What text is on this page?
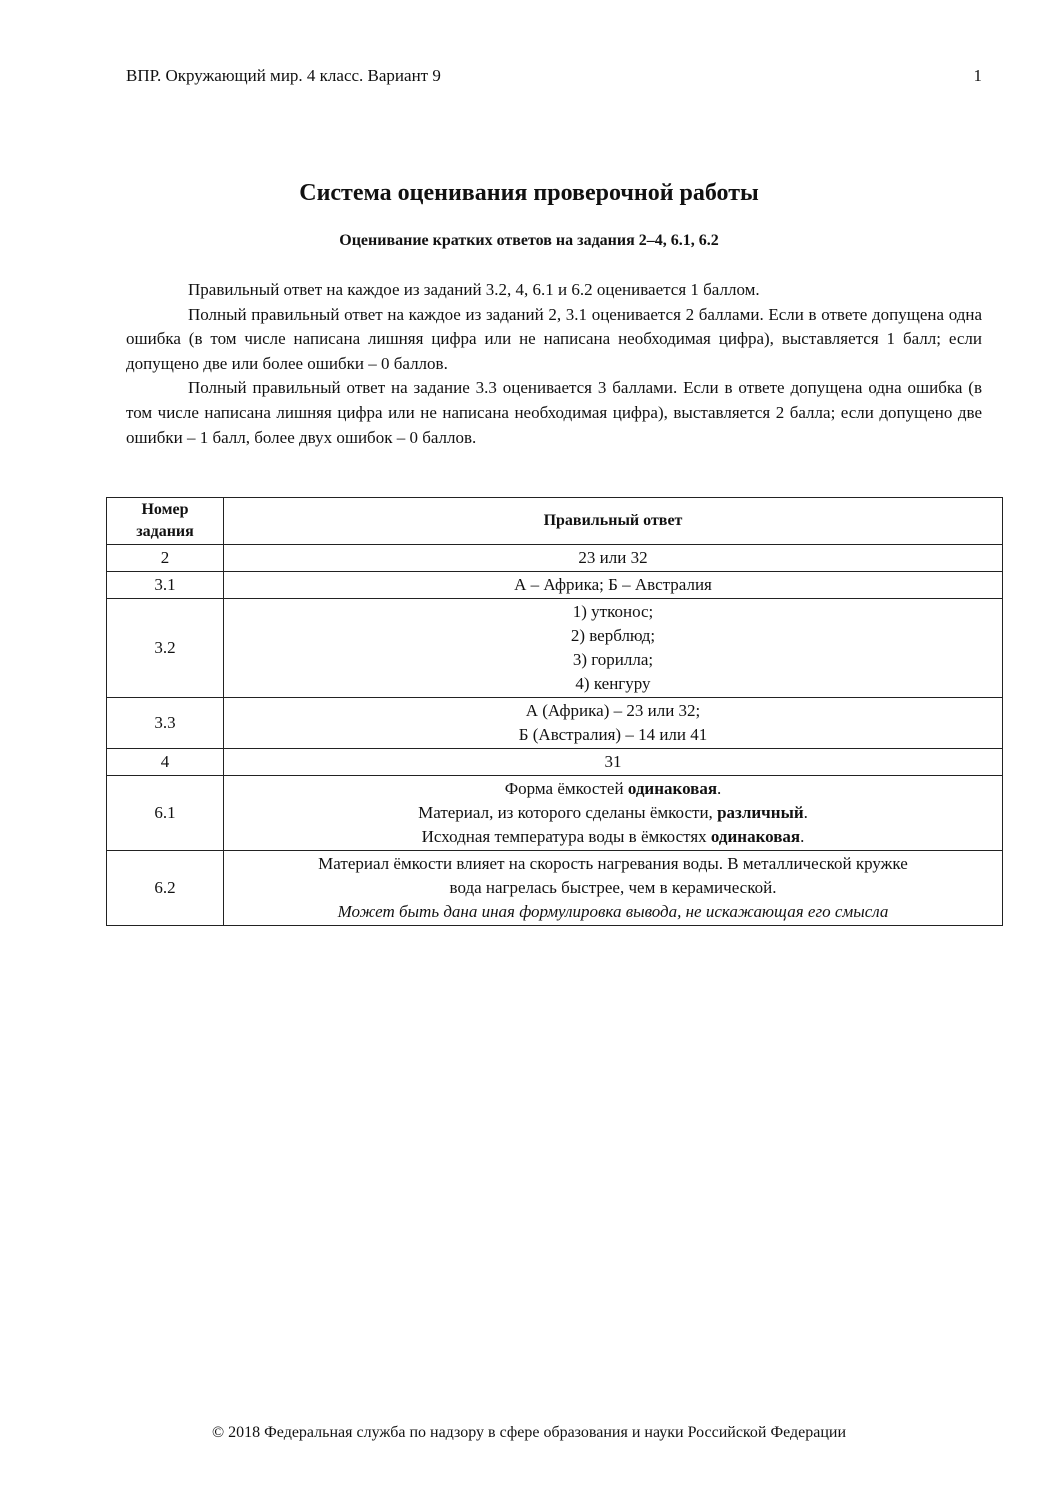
ВПР. Окружающий мир. 4 класс. Вариант 9	1
Система оценивания проверочной работы
Оценивание кратких ответов на задания 2–4, 6.1, 6.2

Правильный ответ на каждое из заданий 3.2, 4, 6.1 и 6.2 оценивается 1 баллом.

Полный правильный ответ на каждое из заданий 2, 3.1 оценивается 2 баллами. Если в ответе допущена одна ошибка (в том числе написана лишняя цифра или не написана необходимая цифра), выставляется 1 балл; если допущено две или более ошибки – 0 баллов.

Полный правильный ответ на задание 3.3 оценивается 3 баллами. Если в ответе допущена одна ошибка (в том числе написана лишняя цифра или не написана необходимая цифра), выставляется 2 балла; если допущено две ошибки – 1 балл, более двух ошибок – 0 баллов.

Номер
задания	Правильный ответ
2	23 или 32

3.1	А – Африка; Б – Австралия

3.2	1) утконос;
2) верблюд;
3) горилла;
4) кенгуру

3.3	А (Африка) – 23 или 32;
Б (Австралия) – 14 или 41

4	31

6.1	Форма ёмкостей одинаковая.
Материал, из которого сделаны ёмкости, различный.
Исходная температура воды в ёмкостях одинаковая.

6.2	Материал ёмкости влияет на скорость нагревания воды. В металлической кружке
вода нагрелась быстрее, чем в керамической.
Может быть дана иная формулировка вывода, не искажающая его смысла
© 2018 Федеральная служба по надзору в сфере образования и науки Российской Федерации
